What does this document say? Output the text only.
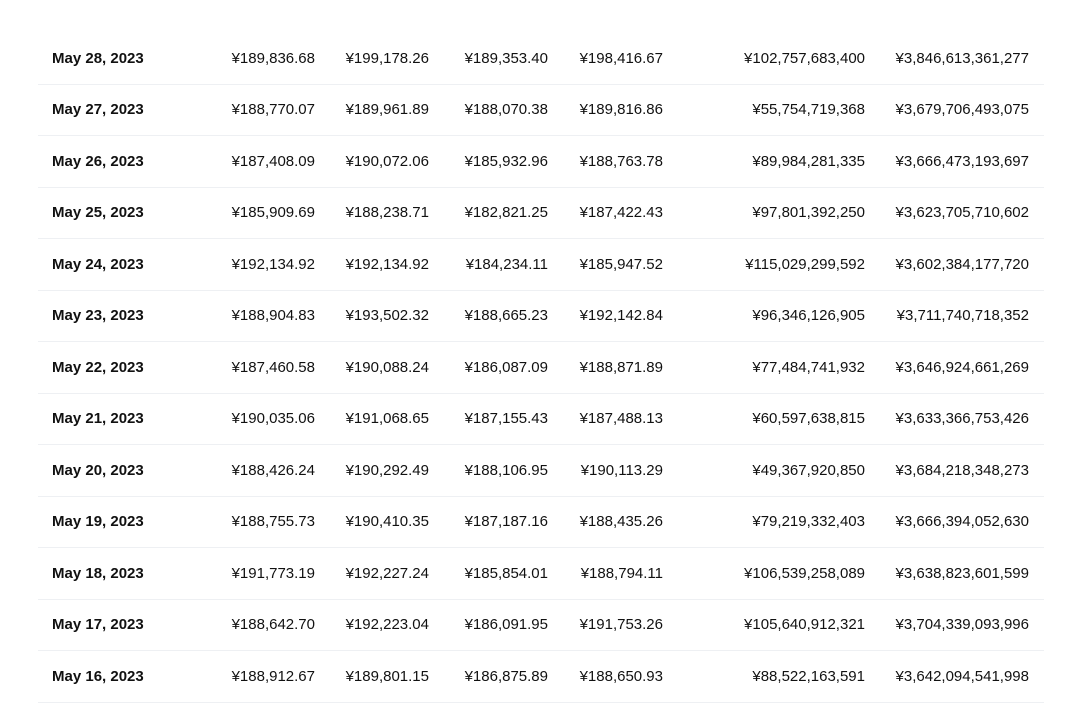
May 28, 2023	¥189,836.68	¥199,178.26	¥189,353.40	¥198,416.67	¥102,757,683,400	¥3,846,613,361,277
May 27, 2023	¥188,770.07	¥189,961.89	¥188,070.38	¥189,816.86	¥55,754,719,368	¥3,679,706,493,075
May 26, 2023	¥187,408.09	¥190,072.06	¥185,932.96	¥188,763.78	¥89,984,281,335	¥3,666,473,193,697
May 25, 2023	¥185,909.69	¥188,238.71	¥182,821.25	¥187,422.43	¥97,801,392,250	¥3,623,705,710,602
May 24, 2023	¥192,134.92	¥192,134.92	¥184,234.11	¥185,947.52	¥115,029,299,592	¥3,602,384,177,720
May 23, 2023	¥188,904.83	¥193,502.32	¥188,665.23	¥192,142.84	¥96,346,126,905	¥3,711,740,718,352
May 22, 2023	¥187,460.58	¥190,088.24	¥186,087.09	¥188,871.89	¥77,484,741,932	¥3,646,924,661,269
May 21, 2023	¥190,035.06	¥191,068.65	¥187,155.43	¥187,488.13	¥60,597,638,815	¥3,633,366,753,426
May 20, 2023	¥188,426.24	¥190,292.49	¥188,106.95	¥190,113.29	¥49,367,920,850	¥3,684,218,348,273
May 19, 2023	¥188,755.73	¥190,410.35	¥187,187.16	¥188,435.26	¥79,219,332,403	¥3,666,394,052,630
May 18, 2023	¥191,773.19	¥192,227.24	¥185,854.01	¥188,794.11	¥106,539,258,089	¥3,638,823,601,599
May 17, 2023	¥188,642.70	¥192,223.04	¥186,091.95	¥191,753.26	¥105,640,912,321	¥3,704,339,093,996
May 16, 2023	¥188,912.67	¥189,801.15	¥186,875.89	¥188,650.93	¥88,522,163,591	¥3,642,094,541,998
